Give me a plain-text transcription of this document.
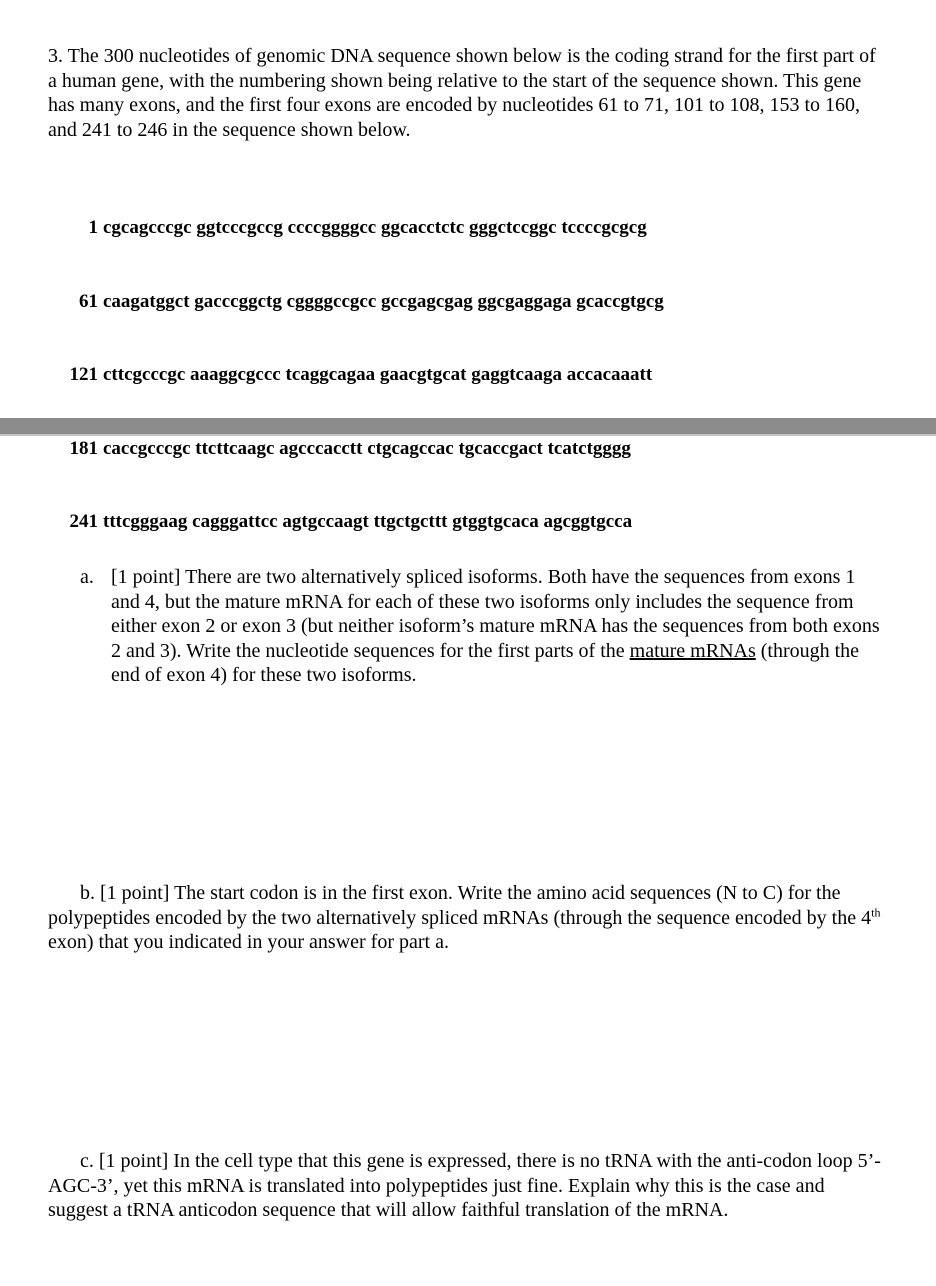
3. The 300 nucleotides of genomic DNA sequence shown below is the coding strand for the first part of a human gene, with the numbering shown being relative to the start of the sequence shown. This gene has many exons, and the first four exons are encoded by nucleotides 61 to 71, 101 to 108, 153 to 160, and 241 to 246 in the sequence shown below.

1 cgcagcccgc ggtcccgccg ccccggggcc ggcacctctc gggctccggc tccccgcgcg

61 caagatggct gacccggctg cggggccgcc gccgagcgag ggcgaggaga gcaccgtgcg

121 cttcgcccgc aaaggcgccc tcaggcagaa gaacgtgcat gaggtcaaga accacaaatt

181 caccgcccgc ttcttcaagc agcccacctt ctgcagccac tgcaccgact tcatctgggg

241 tttcgggaag cagggattcc agtgccaagt ttgctgcttt gtggtgcaca agcggtgcca

a. [1 point] There are two alternatively spliced isoforms. Both have the sequences from exons 1 and 4, but the mature mRNA for each of these two isoforms only includes the sequence from either exon 2 or exon 3 (but neither isoform’s mature mRNA has the sequences from both exons 2 and 3). Write the nucleotide sequences for the first parts of the mature mRNAs (through the end of exon 4) for these two isoforms.
b. [1 point] The start codon is in the first exon. Write the amino acid sequences (N to C) for the polypeptides encoded by the two alternatively spliced mRNAs (through the sequence encoded by the 4th exon) that you indicated in your answer for part a.
c. [1 point] In the cell type that this gene is expressed, there is no tRNA with the anti-codon loop 5’-AGC-3’, yet this mRNA is translated into polypeptides just fine. Explain why this is the case and suggest a tRNA anticodon sequence that will allow faithful translation of the mRNA.
